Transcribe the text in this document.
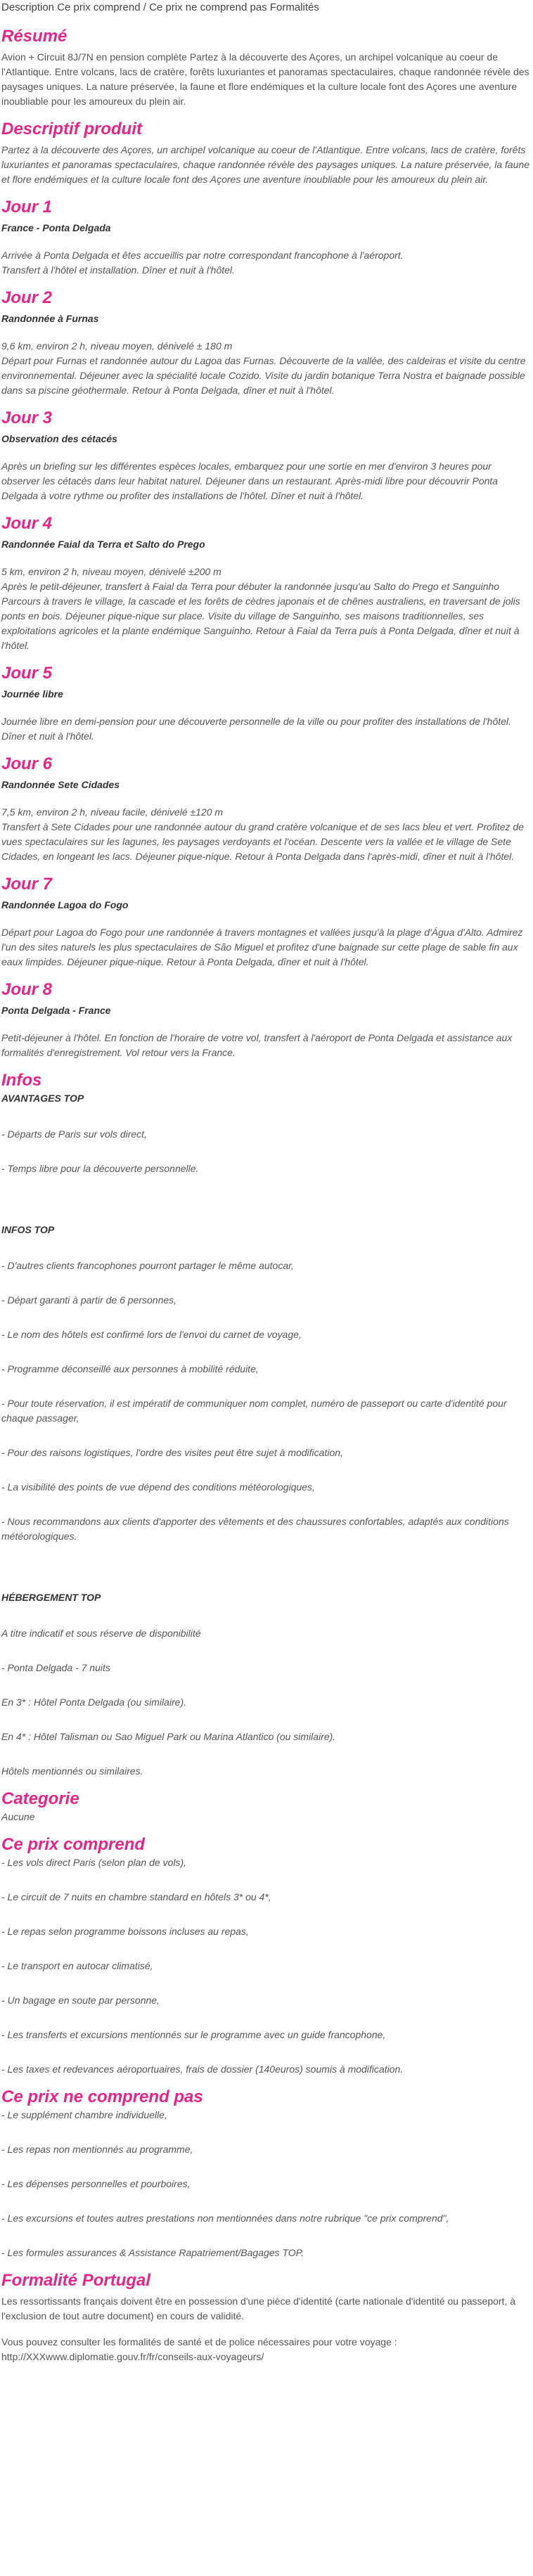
Description Ce prix comprend / Ce prix ne comprend pas Formalités
Résumé

Avion + Circuit 8J/7N en pension complète Partez à la découverte des Açores, un archipel volcanique au coeur de l'Atlantique. Entre volcans, lacs de cratère, forêts luxuriantes et panoramas spectaculaires, chaque randonnée révèle des paysages uniques. La nature préservée, la faune et flore endémiques et la culture locale font des Açores une aventure inoubliable pour les amoureux du plein air.

Descriptif produit

Partez à la découverte des Açores, un archipel volcanique au coeur de l'Atlantique. Entre volcans, lacs de cratère, forêts luxuriantes et panoramas spectaculaires, chaque randonnée révèle des paysages uniques. La nature préservée, la faune et flore endémiques et la culture locale font des Açores une aventure inoubliable pour les amoureux du plein air.

Jour 1
France - Ponta Delgada

Arrivée à Ponta Delgada et êtes accueillis par notre correspondant francophone à l'aéroport.

Transfert à l'hôtel et installation. Dîner et nuit à l'hôtel.

Jour 2
Randonnée à Furnas

9,6 km, environ 2 h, niveau moyen, dénivelé ± 180 m

Départ pour Furnas et randonnée autour du Lagoa das Furnas. Découverte de la vallée, des caldeiras et visite du centre environnemental. Déjeuner avec la spécialité locale Cozido. Visite du jardin botanique Terra Nostra et baignade possible dans sa piscine géothermale. Retour à Ponta Delgada, dîner et nuit à l'hôtel.

Jour 3
Observation des cétacés

Après un briefing sur les différentes espèces locales, embarquez pour une sortie en mer d'environ 3 heures pour observer les cétacés dans leur habitat naturel. Déjeuner dans un restaurant. Après-midi libre pour découvrir Ponta Delgada à votre rythme ou profiter des installations de l'hôtel. Dîner et nuit à l'hôtel.

Jour 4
Randonnée Faial da Terra et Salto do Prego

5 km, environ 2 h, niveau moyen, dénivelé ±200 m

Après le petit-déjeuner, transfert à Faial da Terra pour débuter la randonnée jusqu'au Salto do Prego et Sanguinho Parcours à travers le village, la cascade et les forêts de cèdres japonais et de chênes australiens, en traversant de jolis ponts en bois. Déjeuner pique-nique sur place. Visite du village de Sanguinho, ses maisons traditionnelles, ses exploitations agricoles et la plante endémique Sanguinho. Retour à Faial da Terra puis à Ponta Delgada, dîner et nuit à l'hôtel.

Jour 5
Journée libre

Journée libre en demi-pension pour une découverte personnelle de la ville ou pour profiter des installations de l'hôtel. Dîner et nuit à l'hôtel.

Jour 6
Randonnée Sete Cidades

7,5 km, environ 2 h, niveau facile, dénivelé ±120 m

Transfert à Sete Cidades pour une randonnée autour du grand cratère volcanique et de ses lacs bleu et vert. Profitez de vues spectaculaires sur les lagunes, les paysages verdoyants et l'océan. Descente vers la vallée et le village de Sete Cidades, en longeant les lacs. Déjeuner pique-nique. Retour à Ponta Delgada dans l'après-midi, dîner et nuit à l'hôtel.

Jour 7
Randonnée Lagoa do Fogo

Départ pour Lagoa do Fogo pour une randonnée à travers montagnes et vallées jusqu'à la plage d'Água d'Alto. Admirez l'un des sites naturels les plus spectaculaires de São Miguel et profitez d'une baignade sur cette plage de sable fin aux eaux limpides. Déjeuner pique-nique. Retour à Ponta Delgada, dîner et nuit à l'hôtel.

Jour 8
Ponta Delgada - France

Petit-déjeuner à l'hôtel. En fonction de l'horaire de votre vol, transfert à l'aéroport de Ponta Delgada et assistance aux formalités d'enregistrement. Vol retour vers la France.

Infos
AVANTAGES TOP
- Départs de Paris sur vols direct,
- Temps libre pour la découverte personnelle.
INFOS TOP
- D'autres clients francophones pourront partager le même autocar,
- Départ garanti à partir de 6 personnes,
- Le nom des hôtels est confirmé lors de l'envoi du carnet de voyage,
- Programme déconseillé aux personnes à mobilité réduite,
- Pour toute réservation, il est impératif de communiquer nom complet, numéro de passeport ou carte d'identité pour chaque passager,
- Pour des raisons logistiques, l'ordre des visites peut être sujet à modification,
- La visibilité des points de vue dépend des conditions météorologiques,
- Nous recommandons aux clients d'apporter des vêtements et des chaussures confortables, adaptés aux conditions météorologiques.
HÉBERGEMENT TOP
A titre indicatif et sous réserve de disponibilité
- Ponta Delgada - 7 nuits
En 3* : Hôtel Ponta Delgada (ou similaire).
En 4* : Hôtel Talisman ou Sao Miguel Park ou Marina Atlantico (ou similaire).
Hôtels mentionnés ou similaires.
Categorie
Aucune
Ce prix comprend
- Les vols direct Paris (selon plan de vols),
- Le circuit de 7 nuits en chambre standard en hôtels 3* ou 4*,
- Le repas selon programme boissons incluses au repas,
- Le transport en autocar climatisé,
- Un bagage en soute par personne,
- Les transferts et excursions mentionnés sur le programme avec un guide francophone,
- Les taxes et redevances aéroportuaires, frais de dossier (140euros) soumis à modification.
Ce prix ne comprend pas
- Le supplément chambre individuelle,
- Les repas non mentionnés au programme,
- Les dépenses personnelles et pourboires,
- Les excursions et toutes autres prestations non mentionnées dans notre rubrique "ce prix comprend",
- Les formules assurances & Assistance Rapatriement/Bagages TOP.
Formalité Portugal

Les ressortissants français doivent être en possession d'une pièce d'identité (carte nationale d'identité ou passeport, à l'exclusion de tout autre document) en cours de validité.

Vous pouvez consulter les formalités de santé et de police nécessaires pour votre voyage :

http://XXXwww.diplomatie.gouv.fr/fr/conseils-aux-voyageurs/
